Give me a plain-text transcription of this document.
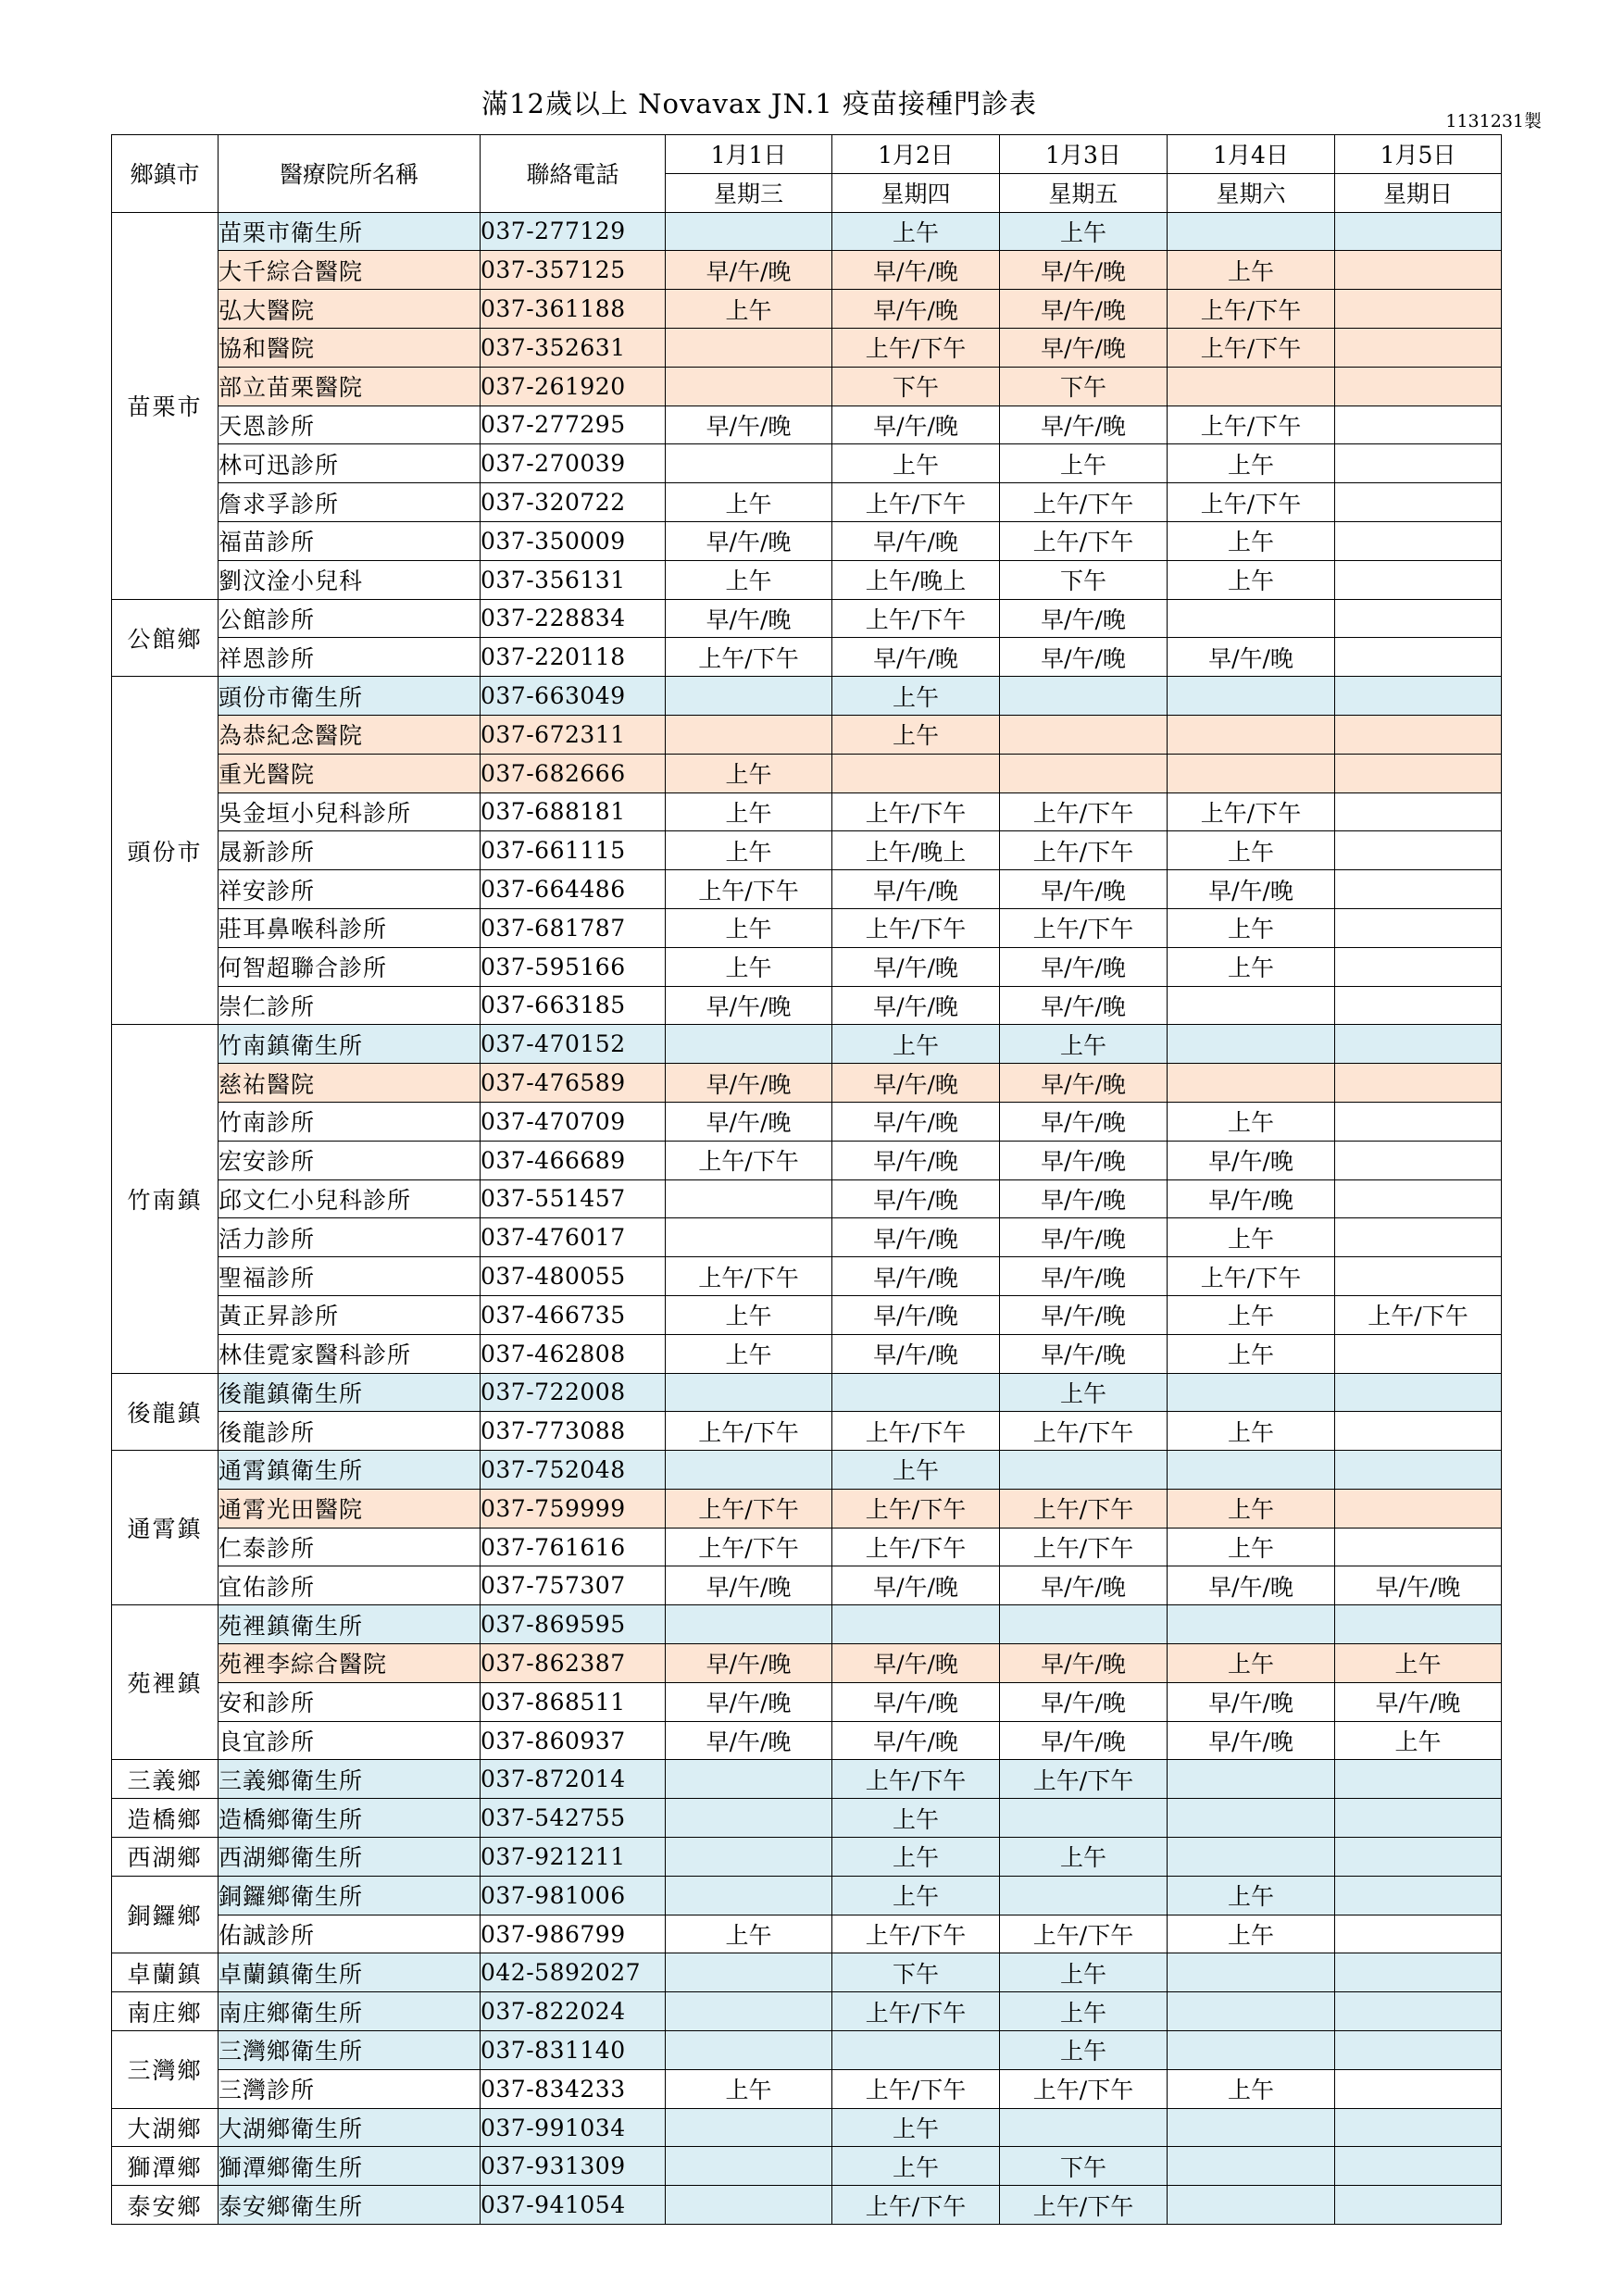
滿12歲以上 Novavax JN.1 疫苗接種門診表
1131231製
鄉鎮市	醫療院所名稱	聯絡電話	1月1日	1月2日	1月3日	1月4日	1月5日
			星期三	星期四	星期五	星期六	星期日
苗栗市	苗栗市衛生所	037-277129		上午	上午		
	大千綜合醫院	037-357125	早/午/晚	早/午/晚	早/午/晚	上午	
	弘大醫院	037-361188	上午	早/午/晚	早/午/晚	上午/下午	
	協和醫院	037-352631		上午/下午	早/午/晚	上午/下午	
	部立苗栗醫院	037-261920		下午	下午		
	天恩診所	037-277295	早/午/晚	早/午/晚	早/午/晚	上午/下午	
	林可迅診所	037-270039		上午	上午	上午	
	詹求孚診所	037-320722	上午	上午/下午	上午/下午	上午/下午	
	福苗診所	037-350009	早/午/晚	早/午/晚	上午/下午	上午	
	劉汶淦小兒科	037-356131	上午	上午/晚上	下午	上午	
公館鄉	公館診所	037-228834	早/午/晚	上午/下午	早/午/晚		
	祥恩診所	037-220118	上午/下午	早/午/晚	早/午/晚	早/午/晚	
頭份市	頭份市衛生所	037-663049		上午			
	為恭紀念醫院	037-672311		上午			
	重光醫院	037-682666	上午				
	吳金垣小兒科診所	037-688181	上午	上午/下午	上午/下午	上午/下午	
	晟新診所	037-661115	上午	上午/晚上	上午/下午	上午	
	祥安診所	037-664486	上午/下午	早/午/晚	早/午/晚	早/午/晚	
	莊耳鼻喉科診所	037-681787	上午	上午/下午	上午/下午	上午	
	何智超聯合診所	037-595166	上午	早/午/晚	早/午/晚	上午	
	崇仁診所	037-663185	早/午/晚	早/午/晚	早/午/晚		
竹南鎮	竹南鎮衛生所	037-470152		上午	上午		
	慈祐醫院	037-476589	早/午/晚	早/午/晚	早/午/晚		
	竹南診所	037-470709	早/午/晚	早/午/晚	早/午/晚	上午	
	宏安診所	037-466689	上午/下午	早/午/晚	早/午/晚	早/午/晚	
	邱文仁小兒科診所	037-551457		早/午/晚	早/午/晚	早/午/晚	
	活力診所	037-476017		早/午/晚	早/午/晚	上午	
	聖福診所	037-480055	上午/下午	早/午/晚	早/午/晚	上午/下午	
	黃正昇診所	037-466735	上午	早/午/晚	早/午/晚	上午	上午/下午
	林佳霓家醫科診所	037-462808	上午	早/午/晚	早/午/晚	上午	
後龍鎮	後龍鎮衛生所	037-722008			上午		
	後龍診所	037-773088	上午/下午	上午/下午	上午/下午	上午	
通霄鎮	通霄鎮衛生所	037-752048		上午			
	通霄光田醫院	037-759999	上午/下午	上午/下午	上午/下午	上午	
	仁泰診所	037-761616	上午/下午	上午/下午	上午/下午	上午	
	宜佑診所	037-757307	早/午/晚	早/午/晚	早/午/晚	早/午/晚	早/午/晚
苑裡鎮	苑裡鎮衛生所	037-869595					
	苑裡李綜合醫院	037-862387	早/午/晚	早/午/晚	早/午/晚	上午	上午
	安和診所	037-868511	早/午/晚	早/午/晚	早/午/晚	早/午/晚	早/午/晚
	良宜診所	037-860937	早/午/晚	早/午/晚	早/午/晚	早/午/晚	上午
三義鄉	三義鄉衛生所	037-872014		上午/下午	上午/下午		
造橋鄉	造橋鄉衛生所	037-542755		上午			
西湖鄉	西湖鄉衛生所	037-921211		上午	上午		
銅鑼鄉	銅鑼鄉衛生所	037-981006		上午		上午	
	佑誠診所	037-986799	上午	上午/下午	上午/下午	上午	
卓蘭鎮	卓蘭鎮衛生所	042-5892027		下午	上午		
南庄鄉	南庄鄉衛生所	037-822024		上午/下午	上午		
三灣鄉	三灣鄉衛生所	037-831140			上午		
	三灣診所	037-834233	上午	上午/下午	上午/下午	上午	
大湖鄉	大湖鄉衛生所	037-991034		上午			
獅潭鄉	獅潭鄉衛生所	037-931309		上午	下午		
泰安鄉	泰安鄉衛生所	037-941054		上午/下午	上午/下午		
